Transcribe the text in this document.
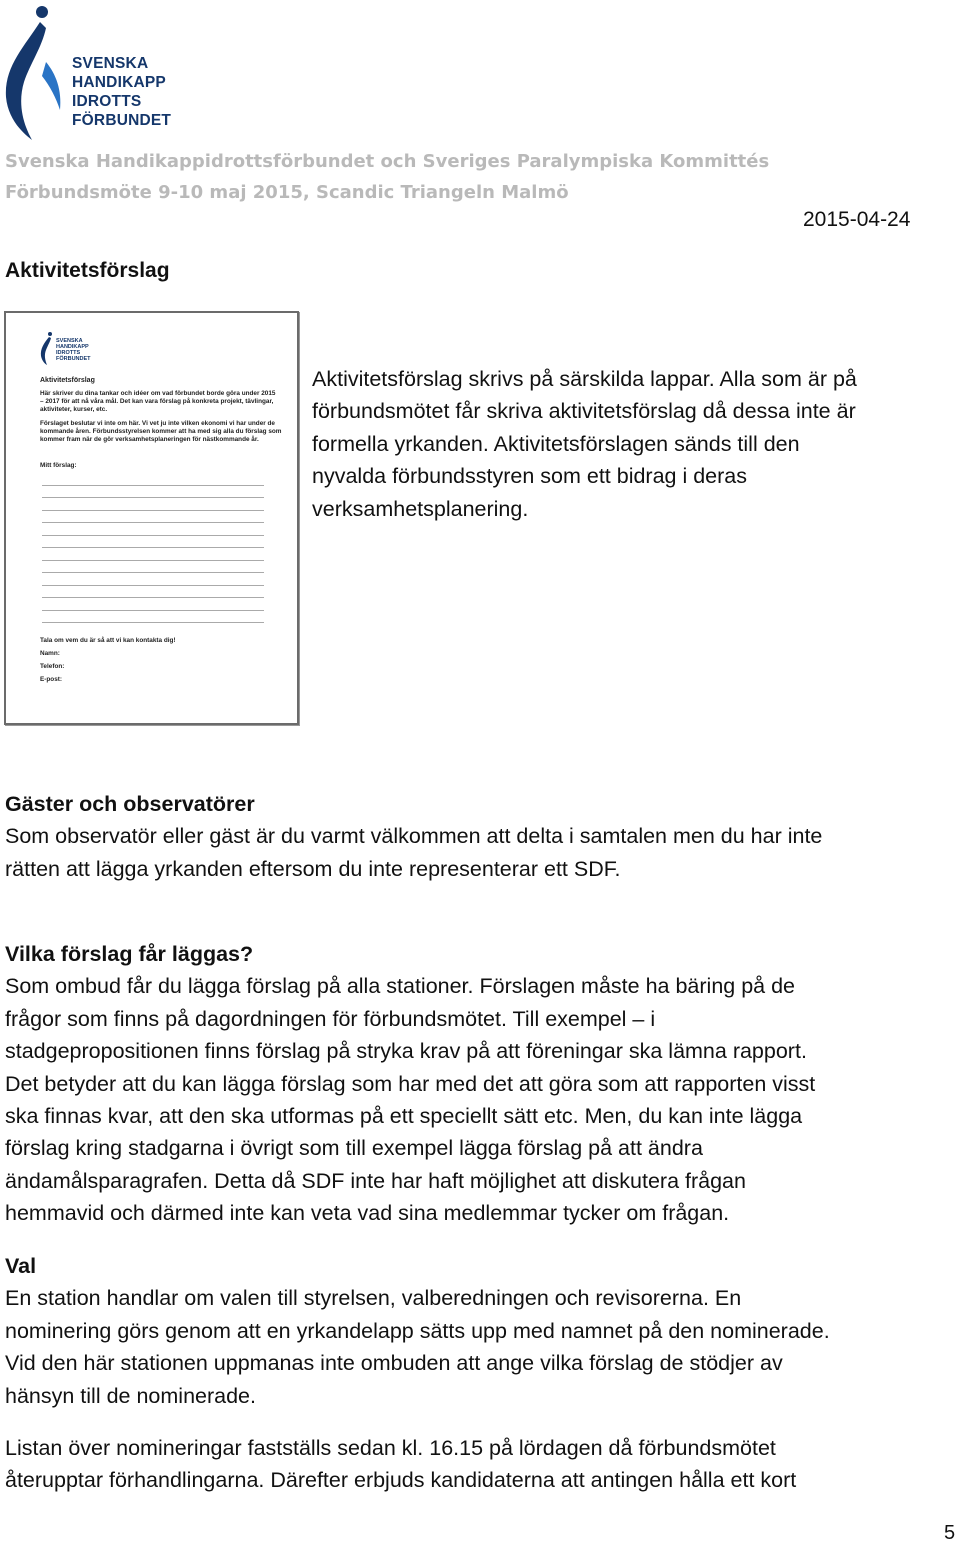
SVENSKA
HANDIKAPP
IDROTTS
FÖRBUNDET
Svenska Handikappidrottsförbundet och Sveriges Paralympiska Kommittés
Förbundsmöte 9-10 maj 2015, Scandic Triangeln Malmö
2015-04-24
Aktivitetsförslag
SVENSKA
HANDIKAPP
IDROTTS
FÖRBUNDET
Aktivitetsförslag
Här skriver du dina tankar och idéer om vad förbundet borde göra under 2015
– 2017 för att nå våra mål. Det kan vara förslag på konkreta projekt, tävlingar,
aktiviteter, kurser, etc.
Förslaget beslutar vi inte om här. Vi vet ju inte vilken ekonomi vi har under de
kommande åren. Förbundsstyrelsen kommer att ha med sig alla du förslag som
kommer fram när de gör verksamhetsplaneringen för nästkommande år.
Mitt förslag:
Tala om vem du är så att vi kan kontakta dig!
Namn:
Telefon:
E-post:
Aktivitetsförslag skrivs på särskilda lappar. Alla som är på
förbundsmötet får skriva aktivitetsförslag då dessa inte är
formella yrkanden. Aktivitetsförslagen sänds till den
nyvalda förbundsstyren som ett bidrag i deras
verksamhetsplanering.
Gäster och observatörer
Som observatör eller gäst är du varmt välkommen att delta i samtalen men du har inte
rätten att lägga yrkanden eftersom du inte representerar ett SDF.
Vilka förslag får läggas?
Som ombud får du lägga förslag på alla stationer. Förslagen måste ha bäring på de
frågor som finns på dagordningen för förbundsmötet. Till exempel – i
stadgepropositionen finns förslag på stryka krav på att föreningar ska lämna rapport.
Det betyder att du kan lägga förslag som har med det att göra som att rapporten visst
ska finnas kvar, att den ska utformas på ett speciellt sätt etc. Men, du kan inte lägga
förslag kring stadgarna i övrigt som till exempel lägga förslag på att ändra
ändamålsparagrafen. Detta då SDF inte har haft möjlighet att diskutera frågan
hemmavid och därmed inte kan veta vad sina medlemmar tycker om frågan.
Val
En station handlar om valen till styrelsen, valberedningen och revisorerna. En
nominering görs genom att en yrkandelapp sätts upp med namnet på den nominerade.
Vid den här stationen uppmanas inte ombuden att ange vilka förslag de stödjer av
hänsyn till de nominerade.
Listan över nomineringar fastställs sedan kl. 16.15 på lördagen då förbundsmötet
återupptar förhandlingarna. Därefter erbjuds kandidaterna att antingen hålla ett kort
5
